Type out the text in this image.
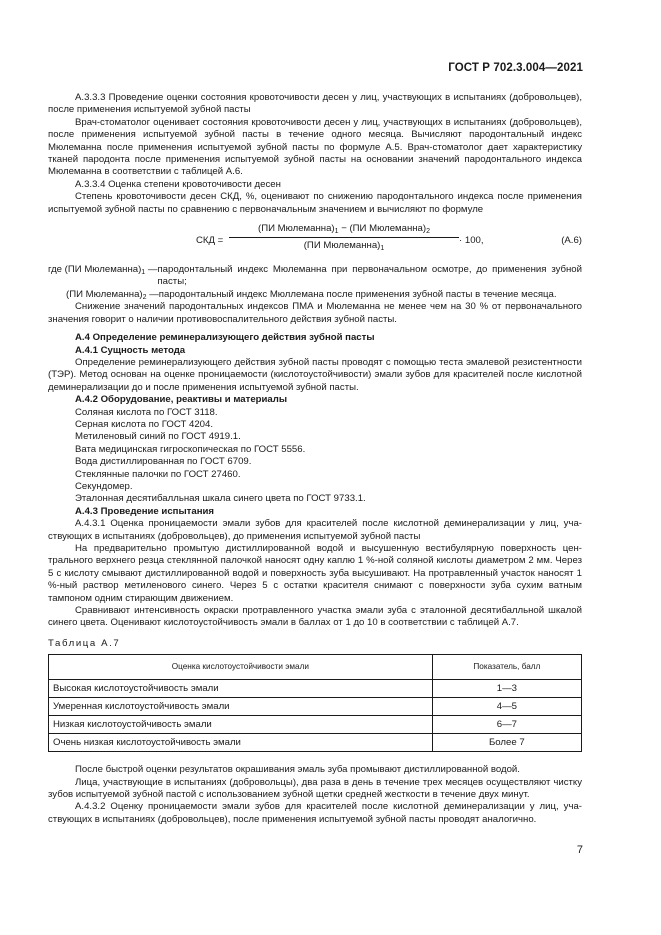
ГОСТ Р 702.3.004—2021

А.3.3.3 Проведение оценки состояния кровоточивости десен у лиц, участвующих в испытаниях (добровольцев), после применения испытуемой зубной пасты

Врач-стоматолог оценивает состояния кровоточивости десен у лиц, участвующих в испытаниях (добровольцев), после применения испытуемой зубной пасты в течение одного месяца. Вычисляют пародонтальный индекс Мюлеманна после применения испытуемой зубной пасты по формуле А.5. Врач-стоматолог дает характеристику тканей пародонта после применения испытуемой зубной пасты на основании значений пародонтального индекса Мюлеманна в соответствии с таблицей А.6.

А.3.3.4 Оценка степени кровоточивости десен

Степень кровоточивости десен СКД, %, оценивают по снижению пародонтального индекса после применения испытуемой зубной пасты по сравнению с первоначальным значением и вычисляют по формуле

СКД =
(ПИ $Мюлеманна)_1 - (ПИ$ $Мюлеманна)_2$
(ПИ $Мюлеманна)_1$
· 100,	(А.6)
где (ПИ $Мюлеманна)_1$ — пародонтальный индекс Мюлеманна при первоначальном осмотре, до применения зубной пасты;
(ПИ $Мюлеманна)_2$ — пародонтальный индекс Мюллемана после применения зубной пасты в течение месяца.

Снижение значений пародонтальных индексов ПМА и Мюлеманна не менее чем на 30 % от первоначального значения говорит о наличии противовоспалительного действия зубной пасты.

А.4 Определение реминерализующего действия зубной пасты

А.4.1 Сущность метода

Определение реминерализующего действия зубной пасты проводят с помощью теста эмалевой резистентности (ТЭР). Метод основан на оценке проницаемости (кислотоустойчивости) эмали зубов для красителей после кислотной деминерализации до и после применения испытуемой зубной пасты.

А.4.2 Оборудование, реактивы и материалы

Соляная кислота по ГОСТ 3118.

Серная кислота по ГОСТ 4204.

Метиленовый синий по ГОСТ 4919.1.

Вата медицинская гигроскопическая по ГОСТ 5556.

Вода дистиллированная по ГОСТ 6709.

Стеклянные палочки по ГОСТ 27460.

Секундомер.

Эталонная десятибалльная шкала синего цвета по ГОСТ 9733.1.

А.4.3 Проведение испытания

А.4.3.1 Оценка проницаемости эмали зубов для красителей после кислотной деминерализации у лиц, участвующих в испытаниях (добровольцев), до применения испытуемой зубной пасты

На предварительно промытую дистиллированной водой и высушенную вестибулярную поверхность центрального верхнего резца стеклянной палочкой наносят одну каплю 1 %-ной соляной кислоты диаметром 2 мм. Через 5 с кислоту смывают дистиллированной водой и поверхность зуба высушивают. На протравленный участок наносят 1 %-ный раствор метиленового синего. Через 5 с остатки красителя снимают с поверхности зуба сухим ватным тампоном одним стирающим движением.

Сравнивают интенсивность окраски протравленного участка эмали зуба с эталонной десятибалльной шкалой синего цвета. Оценивают кислотоустойчивость эмали в баллах от 1 до 10 в соответствии с таблицей А.7.

Таблица А.7

Оценка кислотоустойчивости эмали	Показатель, балл
Высокая кислотоустойчивость эмали	1—3
Умеренная кислотоустойчивость эмали	4—5
Низкая кислотоустойчивость эмали	6—7
Очень низкая кислотоустойчивость эмали	Более 7

После быстрой оценки результатов окрашивания эмаль зуба промывают дистиллированной водой.

Лица, участвующие в испытаниях (добровольцы), два раза в день в течение трех месяцев осуществляют чистку зубов испытуемой зубной пастой с использованием зубной щетки средней жесткости в течение двух минут.

А.4.3.2 Оценку проницаемости эмали зубов для красителей после кислотной деминерализации у лиц, участвующих в испытаниях (добровольцев), после применения испытуемой зубной пасты проводят аналогично.

7
